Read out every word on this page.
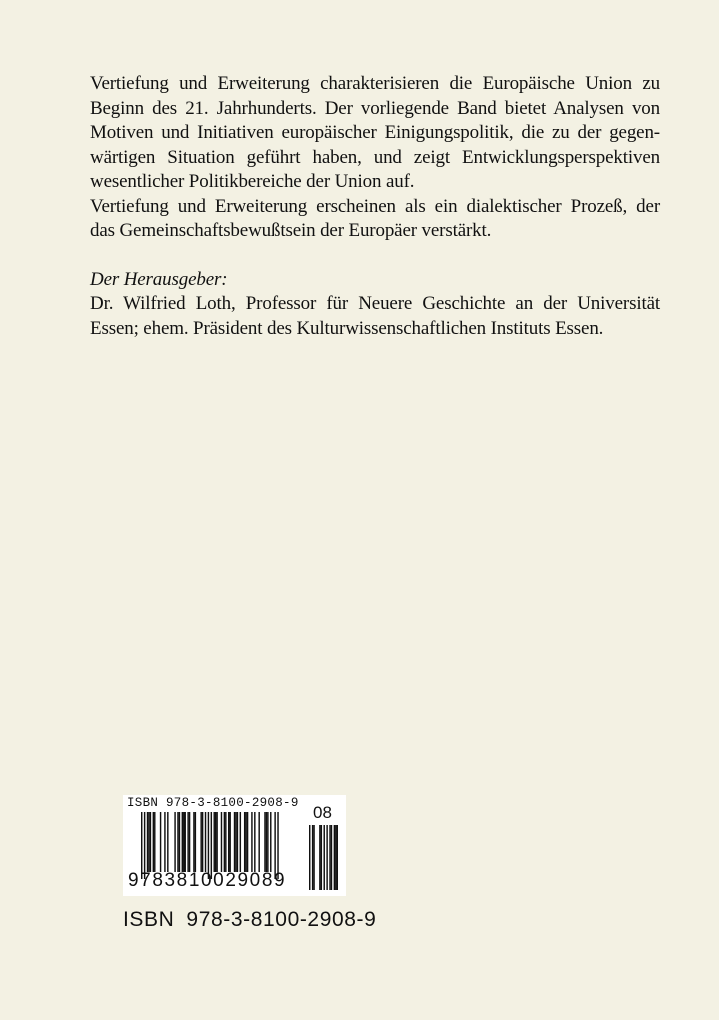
Vertiefung und Erweiterung charakterisieren die Europäische Union zu
Beginn des 21. Jahrhunderts. Der vorliegende Band bietet Analysen von
Motiven und Initiativen europäischer Einigungspolitik, die zu der gegen-
wärtigen Situation geführt haben, und zeigt Entwicklungsperspektiven
wesentlicher Politikbereiche der Union auf.
Vertiefung und Erweiterung erscheinen als ein dialektischer Prozeß, der
das Gemeinschaftsbewußtsein der Europäer verstärkt.
Der Herausgeber:
Dr. Wilfried Loth, Professor für Neuere Geschichte an der Universität
Essen; ehem. Präsident des Kulturwissenschaftlichen Instituts Essen.
ISBN 978-3-8100-2908-9 08
9783810029089
ISBN 978-3-8100-2908-9
